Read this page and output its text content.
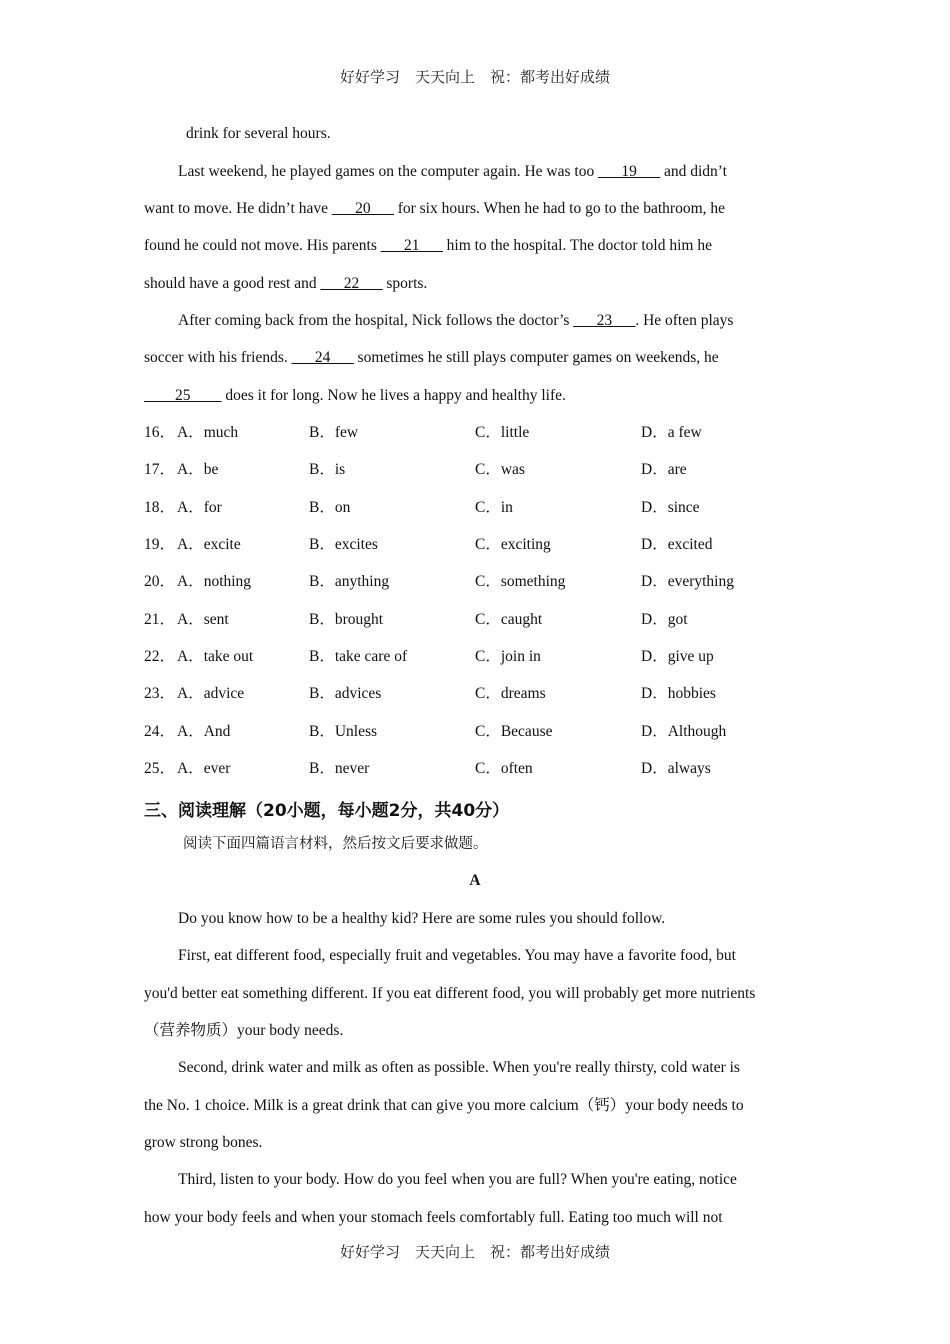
好好学习　天天向上　祝：都考出好成绩
drink for several hours.
Last weekend, he played games on the computer again. He was too ___19___ and didn’t
want to move. He didn’t have ___20___ for six hours. When he had to go to the bathroom, he
found he could not move. His parents ___21___ him to the hospital. The doctor told him he
should have a good rest and ___22___ sports.
After coming back from the hospital, Nick follows the doctor’s ___23___. He often plays
soccer with his friends. ___24___ sometimes he still plays computer games on weekends, he
____25____ does it for long. Now he lives a happy and healthy life.
16． A．much	B．few	C．little	D．a few
17． A．be	B．is	C．was	D．are
18． A．for	B．on	C．in	D．since
19． A．excite	B．excites	C．exciting	D．excited
20． A．nothing	B．anything	C．something	D．everything
21． A．sent	B．brought	C．caught	D．got
22． A．take out	B．take care of	C．join in	D．give up
23． A．advice	B．advices	C．dreams	D．hobbies
24． A．And	B．Unless	C．Because	D．Although
25． A．ever	B．never	C．often	D．always
三、阅读理解（20小题，每小题2分，共40分）
阅读下面四篇语言材料，然后按文后要求做题。
A
Do you know how to be a healthy kid? Here are some rules you should follow.
First, eat different food, especially fruit and vegetables. You may have a favorite food, but
you'd better eat something different. If you eat different food, you will probably get more nutrients
（营养物质）your body needs.
Second, drink water and milk as often as possible. When you're really thirsty, cold water is
the No. 1 choice. Milk is a great drink that can give you more calcium（钙）your body needs to
grow strong bones.
Third, listen to your body. How do you feel when you are full? When you're eating, notice
how your body feels and when your stomach feels comfortably full. Eating too much will not
好好学习　天天向上　祝：都考出好成绩
